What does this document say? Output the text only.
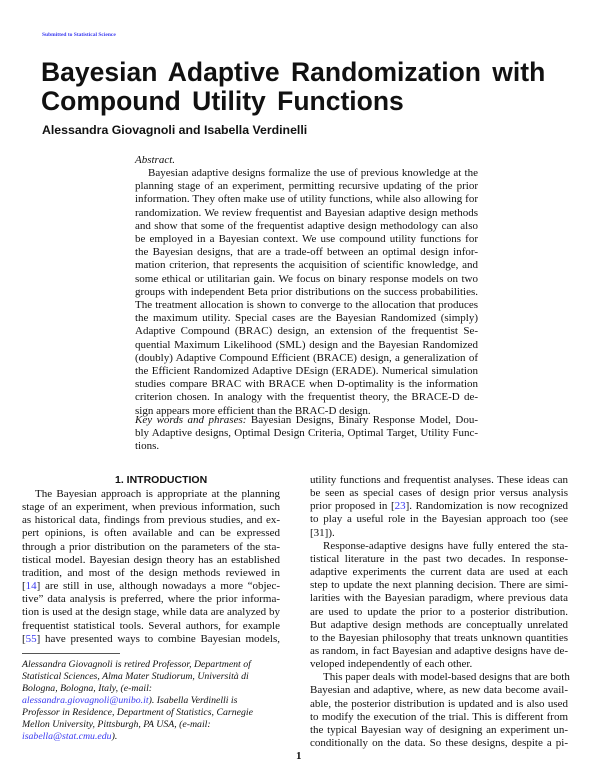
Submitted to Statistical Science
Bayesian Adaptive Randomization with
Compound Utility Functions
Alessandra Giovagnoli and Isabella Verdinelli
Abstract.
Bayesian adaptive designs formalize the use of previous knowledge at the
planning stage of an experiment, permitting recursive updating of the prior
information. They often make use of utility functions, while also allowing for
randomization. We review frequentist and Bayesian adaptive design methods
and show that some of the frequentist adaptive design methodology can also
be employed in a Bayesian context. We use compound utility functions for
the Bayesian designs, that are a trade-off between an optimal design infor-
mation criterion, that represents the acquisition of scientific knowledge, and
some ethical or utilitarian gain. We focus on binary response models on two
groups with independent Beta prior distributions on the success probabilities.
The treatment allocation is shown to converge to the allocation that produces
the maximum utility. Special cases are the Bayesian Randomized (simply)
Adaptive Compound (BRAC) design, an extension of the frequentist Se-
quential Maximum Likelihood (SML) design and the Bayesian Randomized
(doubly) Adaptive Compound Efficient (BRACE) design, a generalization of
the Efficient Randomized Adaptive DEsign (ERADE). Numerical simulation
studies compare BRAC with BRACE when D-optimality is the information
criterion chosen. In analogy with the frequentist theory, the BRACE-D de-
sign appears more efficient than the BRAC-D design.
Key words and phrases: Bayesian Designs, Binary Response Model, Dou-
bly Adaptive designs, Optimal Design Criteria, Optimal Target, Utility Func-
tions.
1. INTRODUCTION
The Bayesian approach is appropriate at the planning
stage of an experiment, when previous information, such
as historical data, findings from previous studies, and ex-
pert opinions, is often available and can be expressed
through a prior distribution on the parameters of the sta-
tistical model. Bayesian design theory has an established
tradition, and most of the design methods reviewed in
[14] are still in use, although nowadays a more “objec-
tive” data analysis is preferred, where the prior informa-
tion is used at the design stage, while data are analyzed by
frequentist statistical tools. Several authors, for example
[55] have presented ways to combine Bayesian models,
utility functions and frequentist analyses. These ideas can
be seen as special cases of design prior versus analysis
prior proposed in [23]. Randomization is now recognized
to play a useful role in the Bayesian approach too (see
[31]).
Response-adaptive designs have fully entered the sta-
tistical literature in the past two decades. In response-
adaptive experiments the current data are used at each
step to update the next planning decision. There are simi-
larities with the Bayesian paradigm, where previous data
are used to update the prior to a posterior distribution.
But adaptive design methods are conceptually unrelated
to the Bayesian philosophy that treats unknown quantities
as random, in fact Bayesian and adaptive designs have de-
veloped independently of each other.
This paper deals with model-based designs that are both
Bayesian and adaptive, where, as new data become avail-
able, the posterior distribution is updated and is also used
to modify the execution of the trial. This is different from
the typical Bayesian way of designing an experiment un-
conditionally on the data. So these designs, despite a pi-
Alessandra Giovagnoli is retired Professor, Department of
Statistical Sciences, Alma Mater Studiorum, Università di
Bologna, Bologna, Italy, (e-mail:
alessandra.giovagnoli@unibo.it). Isabella Verdinelli is
Professor in Residence, Department of Statistics, Carnegie
Mellon University, Pittsburgh, PA USA, (e-mail:
isabella@stat.cmu.edu).
1
